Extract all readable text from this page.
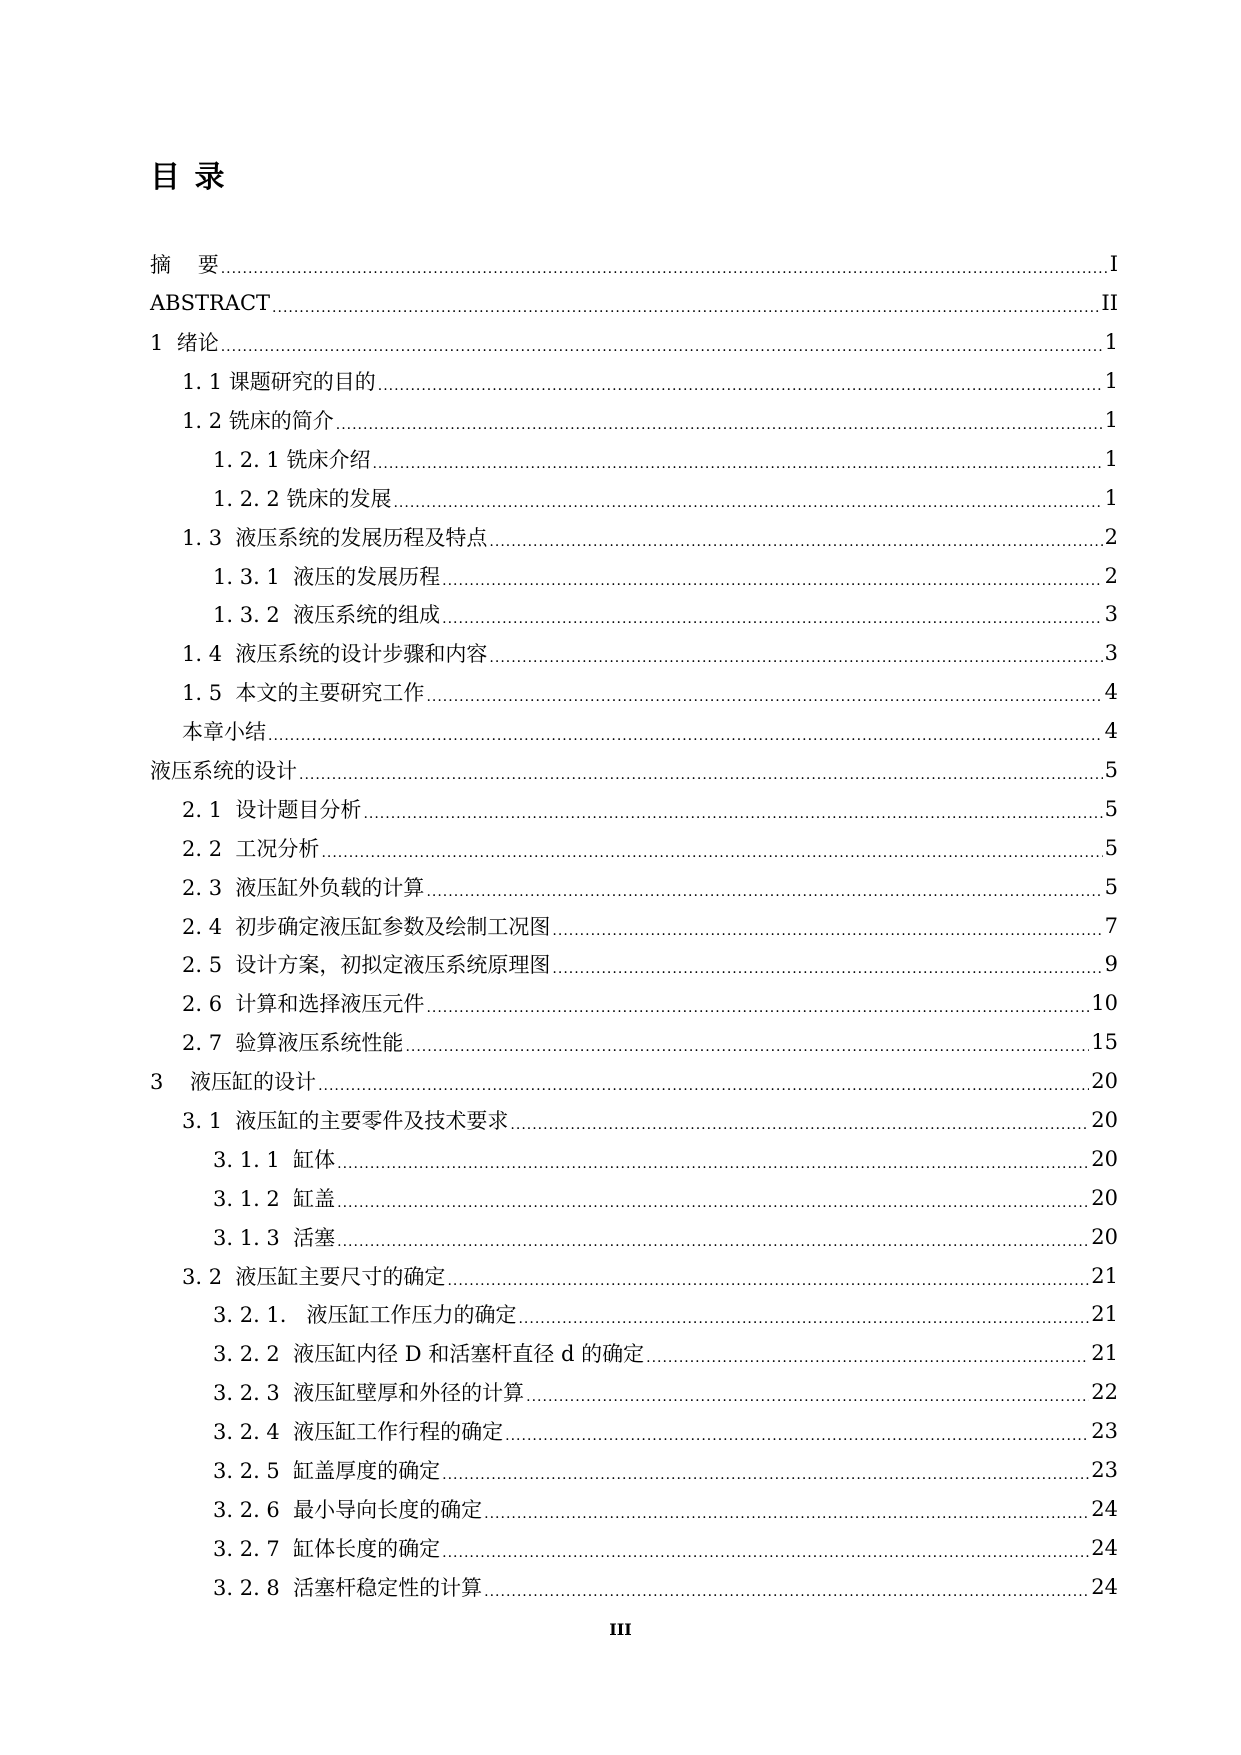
目 录
摘    要 .....	I
ABSTRACT .....	II
1  绪论 .....	1
1. 1 课题研究的目的 .....	1
1. 2 铣床的简介 .....	1
1. 2. 1 铣床介绍 .....	1
1. 2. 2 铣床的发展 .....	1
1. 3  液压系统的发展历程及特点 .....	2
1. 3. 1  液压的发展历程 .....	2
1. 3. 2  液压系统的组成 .....	3
1. 4  液压系统的设计步骤和内容 .....	3
1. 5  本文的主要研究工作 .....	4
本章小结 .....	4
液压系统的设计 .....	5
2. 1  设计题目分析 .....	5
2. 2  工况分析 .....	5
2. 3  液压缸外负载的计算 .....	5
2. 4  初步确定液压缸参数及绘制工况图 .....	7
2. 5  设计方案，初拟定液压系统原理图 .....	9
2. 6  计算和选择液压元件 .....	10
2. 7  验算液压系统性能 .....	15
3    液压缸的设计 .....	20
3. 1  液压缸的主要零件及技术要求 .....	20
3. 1. 1  缸体 .....	20
3. 1. 2  缸盖 .....	20
3. 1. 3  活塞 .....	20
3. 2  液压缸主要尺寸的确定 .....	21
3. 2. 1.   液压缸工作压力的确定 .....	21
3. 2. 2  液压缸内径 D 和活塞杆直径 d 的确定 .....	21
3. 2. 3  液压缸壁厚和外径的计算 .....	22
3. 2. 4  液压缸工作行程的确定 .....	23
3. 2. 5  缸盖厚度的确定 .....	23
3. 2. 6  最小导向长度的确定 .....	24
3. 2. 7  缸体长度的确定 .....	24
3. 2. 8  活塞杆稳定性的计算 .....	24
III
